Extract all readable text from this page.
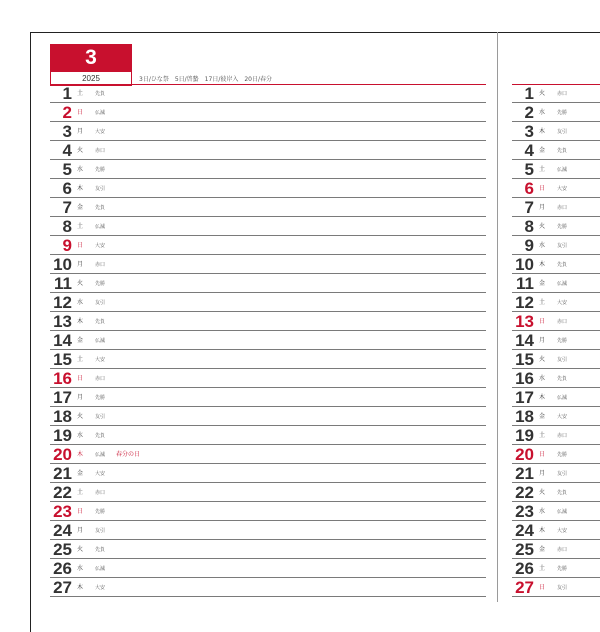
3
2025	3日/ひな祭　5日/啓蟄　17日/彼岸入　20日/春分
1 土 先負
2 日 仏滅
3 月 大安
4 火 赤口
5 水 先勝
6 木 友引
7 金 先負
8 土 仏滅
9 日 大安
10 月 赤口
11 火 先勝
12 水 友引
13 木 先負
14 金 仏滅
15 土 大安
16 日 赤口
17 月 先勝
18 火 友引
19 水 先負
20 木 仏滅 春分の日
21 金 大安
22 土 赤口
23 日 先勝
24 月 友引
25 火 先負
26 水 仏滅
27 木 大安
1 火 赤口
2 水 先勝
3 木 友引
4 金 先負
5 土 仏滅
6 日 大安
7 月 赤口
8 火 先勝
9 水 友引
10 木 先負
11 金 仏滅
12 土 大安
13 日 赤口
14 月 先勝
15 火 友引
16 水 先負
17 木 仏滅
18 金 大安
19 土 赤口
20 日 先勝
21 月 友引
22 火 先負
23 水 仏滅
24 木 大安
25 金 赤口
26 土 先勝
27 日 友引
